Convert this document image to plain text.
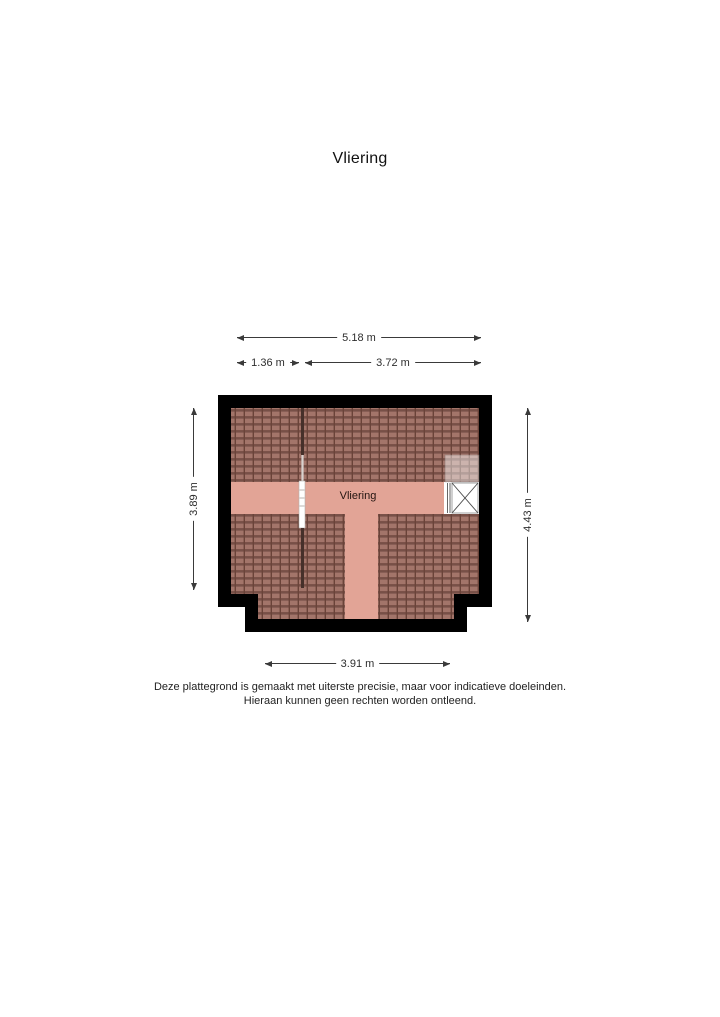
Vliering
5.18 m
1.36 m	3.72 m
3.89 m	4.43 m
3.91 m
Vliering
Deze plattegrond is gemaakt met uiterste precisie, maar voor indicatieve doeleinden.
Hieraan kunnen geen rechten worden ontleend.
